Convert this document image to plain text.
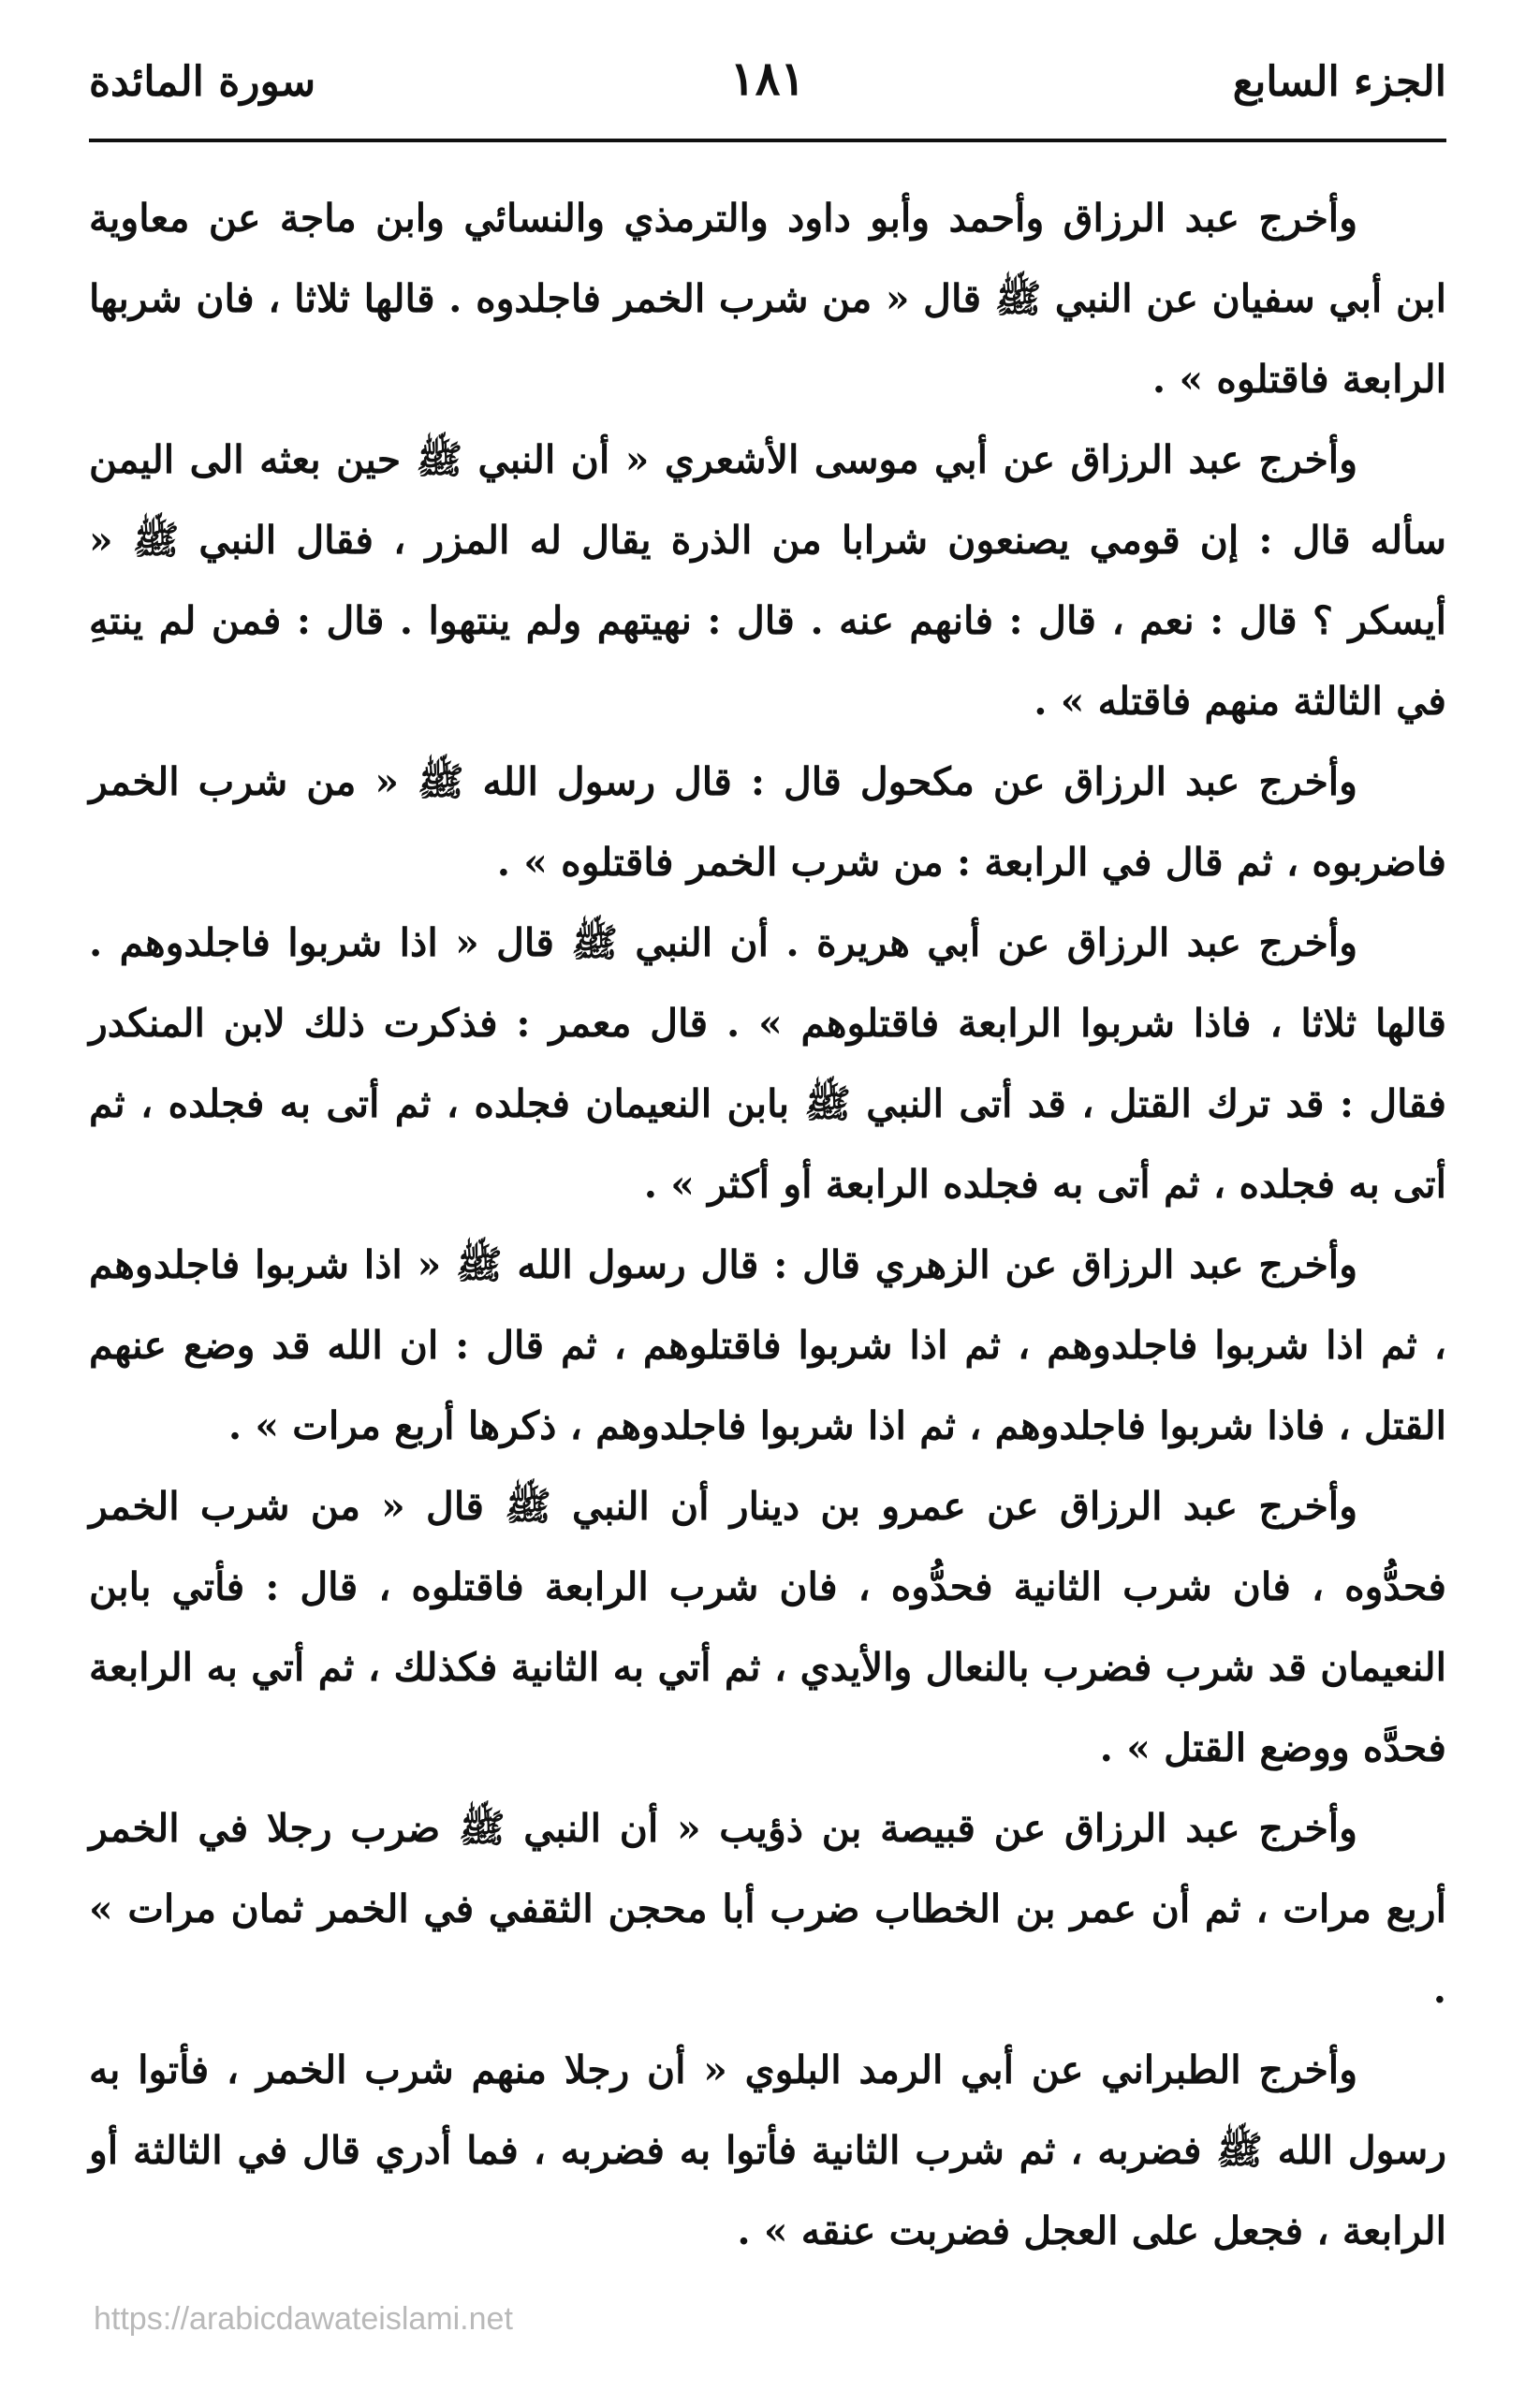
الجزء السابع
١٨١
سورة المائدة

وأخرج عبد الرزاق وأحمد وأبو داود والترمذي والنسائي وابن ماجة عن معاوية ابن أبي سفيان عن النبي ﷺ قال « من شرب الخمر فاجلدوه . قالها ثلاثا ، فان شربها الرابعة فاقتلوه » .

وأخرج عبد الرزاق عن أبي موسى الأشعري « أن النبي ﷺ حين بعثه الى اليمن سأله قال : إن قومي يصنعون شرابا من الذرة يقال له المزر ، فقال النبي ﷺ « أيسكر ؟ قال : نعم ، قال : فانهم عنه . قال : نهيتهم ولم ينتهوا . قال : فمن لم ينتهِ في الثالثة منهم فاقتله » .

وأخرج عبد الرزاق عن مكحول قال : قال رسول الله ﷺ « من شرب الخمر فاضربوه ، ثم قال في الرابعة : من شرب الخمر فاقتلوه » .

وأخرج عبد الرزاق عن أبي هريرة . أن النبي ﷺ قال « اذا شربوا فاجلدوهم . قالها ثلاثا ، فاذا شربوا الرابعة فاقتلوهم » . قال معمر : فذكرت ذلك لابن المنكدر فقال : قد ترك القتل ، قد أتى النبي ﷺ بابن النعيمان فجلده ، ثم أتى به فجلده ، ثم أتى به فجلده ، ثم أتى به فجلده الرابعة أو أكثر » .

وأخرج عبد الرزاق عن الزهري قال : قال رسول الله ﷺ « اذا شربوا فاجلدوهم ، ثم اذا شربوا فاجلدوهم ، ثم اذا شربوا فاقتلوهم ، ثم قال : ان الله قد وضع عنهم القتل ، فاذا شربوا فاجلدوهم ، ثم اذا شربوا فاجلدوهم ، ذكرها أربع مرات » .

وأخرج عبد الرزاق عن عمرو بن دينار أن النبي ﷺ قال « من شرب الخمر فحدُّوه ، فان شرب الثانية فحدُّوه ، فان شرب الرابعة فاقتلوه ، قال : فأتي بابن النعيمان قد شرب فضرب بالنعال والأيدي ، ثم أتي به الثانية فكذلك ، ثم أتي به الرابعة فحدَّه ووضع القتل » .

وأخرج عبد الرزاق عن قبيصة بن ذؤيب « أن النبي ﷺ ضرب رجلا في الخمر أربع مرات ، ثم أن عمر بن الخطاب ضرب أبا محجن الثقفي في الخمر ثمان مرات » .

وأخرج الطبراني عن أبي الرمد البلوي « أن رجلا منهم شرب الخمر ، فأتوا به رسول الله ﷺ فضربه ، ثم شرب الثانية فأتوا به فضربه ، فما أدري قال في الثالثة أو الرابعة ، فجعل على العجل فضربت عنقه » .

https://arabicdawateislami.net
